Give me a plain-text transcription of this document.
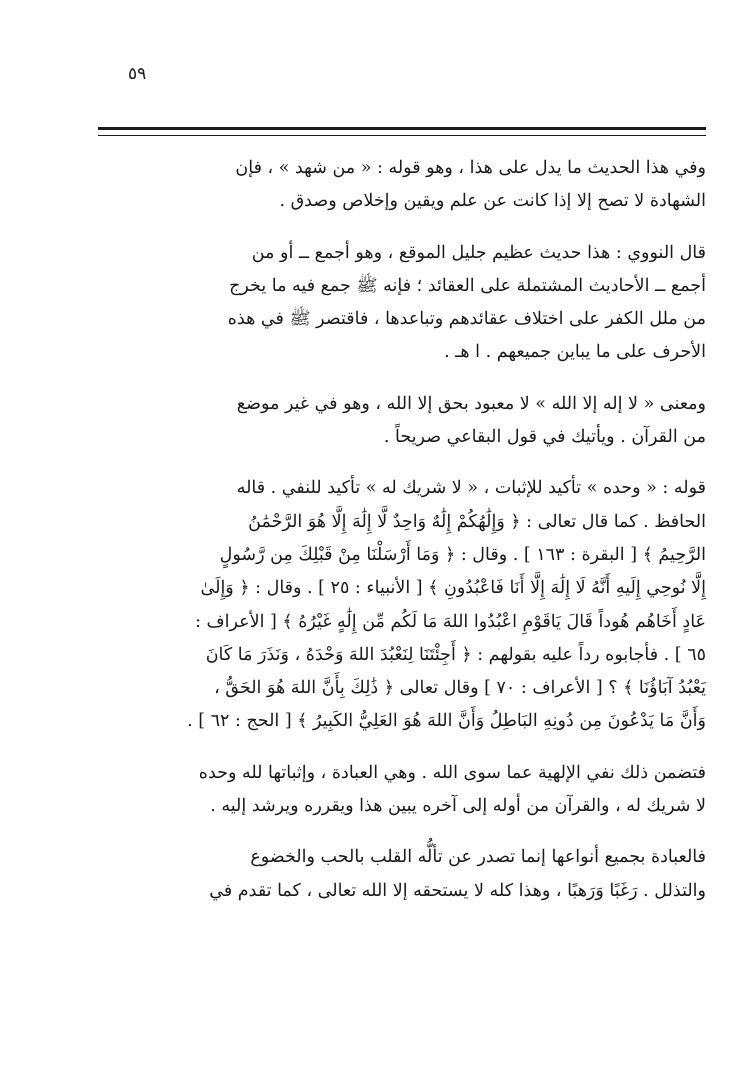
٥٩

وفي هذا الحديث ما يدل على هذا ، وهو قوله : « من شهد » ، فإن
الشهادة لا تصح إلا إذا كانت عن علم ويقين وإخلاص وصدق .

قال النووي : هذا حديث عظيم جليل الموقع ، وهو أجمع ــ أو من
أجمع ــ الأحاديث المشتملة على العقائد ؛ فإنه ﷺ جمع فيه ما يخرج
من ملل الكفر على اختلاف عقائدهم وتباعدها ، فاقتصر ﷺ في هذه
الأحرف على ما يباين جميعهم . ا هـ .

ومعنى « لا إله إلا الله » لا معبود بحق إلا الله ، وهو في غير موضع
من القرآن . ويأتيك في قول البقاعي صريحاً .

قوله : « وحده » تأكيد للإثبات ، « لا شريك له » تأكيد للنفي . قاله
الحافظ . كما قال تعالى : ﴿ وَإِلَٰهُكُمْ إِلَٰهٌ وَاحِدٌ لَّا إِلَٰهَ إِلَّا هُوَ الرَّحْمَٰنُ
الرَّحِيمُ ﴾ [ البقرة : ١٦٣ ] . وقال : ﴿ وَمَا أَرْسَلْنَا مِنْ قَبْلِكَ مِن رَّسُولٍ
إِلَّا نُوحِي إِلَيهِ أَنَّهُ لَا إِلَٰهَ إِلَّا أَنَا فَاعْبُدُونِ ﴾ [ الأنبياء : ٢٥ ] . وقال : ﴿ وَإِلَىٰ
عَادٍ أَخَاهُم هُوداً قَالَ يَاقَوْمِ اعْبُدُوا اللهَ مَا لَكُم مِّن إِلَٰهٍ غَيْرُهُ ﴾ [ الأعراف :
٦٥ ] . فأجابوه رداً عليه بقولهم : ﴿ أَجِئْتَنَا لِنَعْبُدَ اللهَ وَحْدَهُ ، وَنَذَرَ مَا كَانَ
يَعْبُدُ آبَاؤُنَا ﴾ ؟ [ الأعراف : ٧٠ ] وقال تعالى ﴿ ذَٰلِكَ بِأَنَّ اللهَ هُوَ الحَقُّ ،
وَأَنَّ مَا يَدْعُونَ مِن دُونِهِ البَاطِلُ وَأَنَّ اللهَ هُوَ العَلِيُّ الكَبِيرُ ﴾ [ الحج : ٦٢ ] .

فتضمن ذلك نفي الإلهية عما سوى الله . وهي العبادة ، وإثباتها لله وحده
لا شريك له ، والقرآن من أوله إلى آخره يبين هذا ويقرره ويرشد إليه .

فالعبادة بجميع أنواعها إنما تصدر عن تألُّه القلب بالحب والخضوع
والتذلل . رَغَبًا وَرَهبًا ، وهذا كله لا يستحقه إلا الله تعالى ، كما تقدم في
